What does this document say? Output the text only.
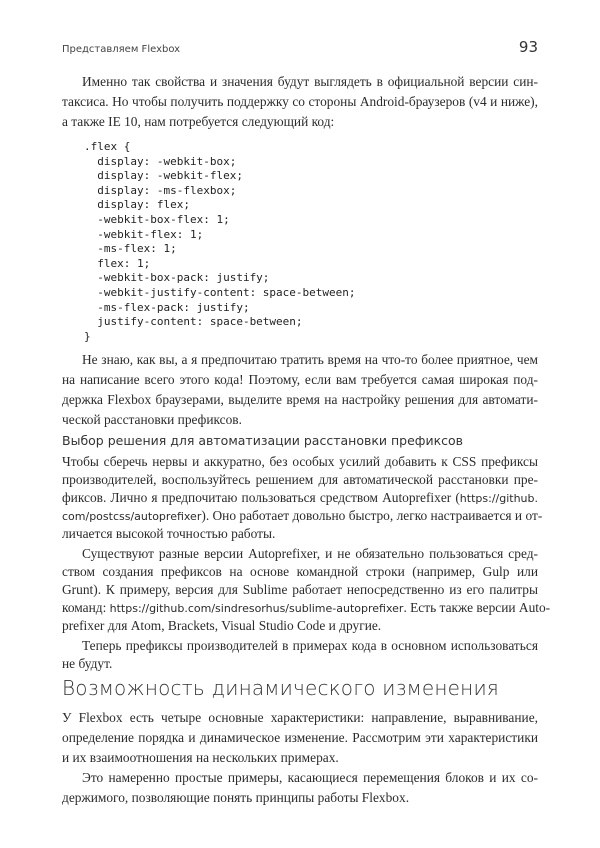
Представляем Flexbox	93
Именно так свойства и значения будут выглядеть в официальной версии син-
таксиса. Но чтобы получить поддержку со стороны Android-браузеров (v4 и ниже),
а также IE 10, нам потребуется следующий код:
.flex {
display: -webkit-box;
display: -webkit-flex;
display: -ms-flexbox;
display: flex;
-webkit-box-flex: 1;
-webkit-flex: 1;
-ms-flex: 1;
flex: 1;
-webkit-box-pack: justify;
-webkit-justify-content: space-between;
-ms-flex-pack: justify;
justify-content: space-between;
}
Не знаю, как вы, а я предпочитаю тратить время на что-то более приятное, чем
на написание всего этого кода! Поэтому, если вам требуется самая широкая под-
держка Flexbox браузерами, выделите время на настройку решения для автомати-
ческой расстановки префиксов.
Выбор решения для автоматизации расстановки префиксов
Чтобы сберечь нервы и аккуратно, без особых усилий добавить к CSS префиксы
производителей, воспользуйтесь решением для автоматической расстановки пре-
фиксов. Лично я предпочитаю пользоваться средством Autoprefixer (https://github.
com/postcss/autoprefixer). Оно работает довольно быстро, легко настраивается и от-
личается высокой точностью работы.
Существуют разные версии Autoprefixer, и не обязательно пользоваться сред-
ством создания префиксов на основе командной строки (например, Gulp или
Grunt). К примеру, версия для Sublime работает непосредственно из его палитры
команд: https://github.com/sindresorhus/sublime-autoprefixer. Есть также версии Auto-
prefixer для Atom, Brackets, Visual Studio Code и другие.
Теперь префиксы производителей в примерах кода в основном использоваться
не будут.
Возможность динамического изменения
У Flexbox есть четыре основные характеристики: направление, выравнивание,
определение порядка и динамическое изменение. Рассмотрим эти характеристики
и их взаимоотношения на нескольких примерах.
Это намеренно простые примеры, касающиеся перемещения блоков и их со-
держимого, позволяющие понять принципы работы Flexbox.
